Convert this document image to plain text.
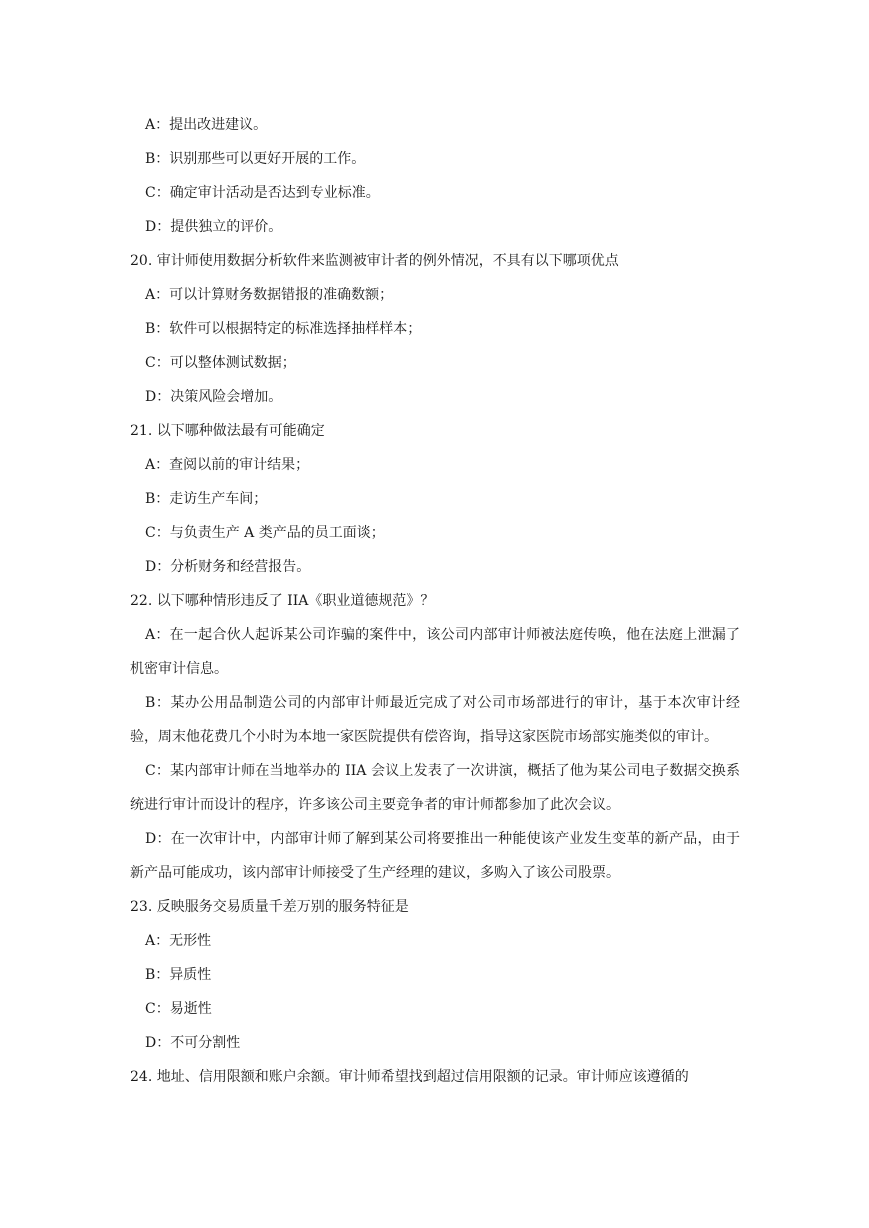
A：提出改进建议。
B：识别那些可以更好开展的工作。
C：确定审计活动是否达到专业标准。
D：提供独立的评价。
20. 审计师使用数据分析软件来监测被审计者的例外情况，不具有以下哪项优点
A：可以计算财务数据错报的准确数额；
B：软件可以根据特定的标准选择抽样样本；
C：可以整体测试数据；
D：决策风险会增加。
21. 以下哪种做法最有可能确定
A：查阅以前的审计结果；
B：走访生产车间；
C：与负责生产 A 类产品的员工面谈；
D：分析财务和经营报告。
22. 以下哪种情形违反了 IIA《职业道德规范》？
A：在一起合伙人起诉某公司诈骗的案件中，该公司内部审计师被法庭传唤，他在法庭上泄漏了机密审计信息。
B：某办公用品制造公司的内部审计师最近完成了对公司市场部进行的审计，基于本次审计经验，周末他花费几个小时为本地一家医院提供有偿咨询，指导这家医院市场部实施类似的审计。
C：某内部审计师在当地举办的 IIA 会议上发表了一次讲演，概括了他为某公司电子数据交换系统进行审计而设计的程序，许多该公司主要竞争者的审计师都参加了此次会议。
D：在一次审计中，内部审计师了解到某公司将要推出一种能使该产业发生变革的新产品，由于新产品可能成功，该内部审计师接受了生产经理的建议，多购入了该公司股票。
23. 反映服务交易质量千差万别的服务特征是
A：无形性
B：异质性
C：易逝性
D：不可分割性
24. 地址、信用限额和账户余额。审计师希望找到超过信用限额的记录。审计师应该遵循的
